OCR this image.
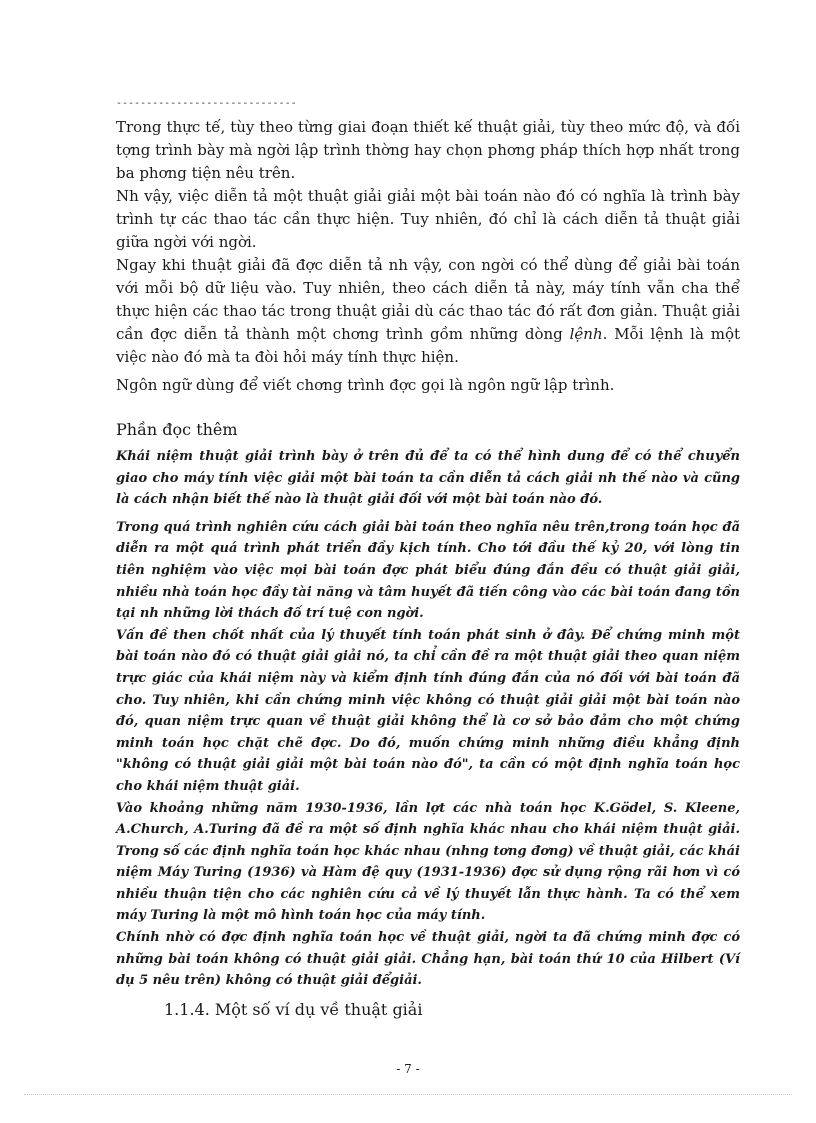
------------------------------

Trong thực tế, tùy theo từng giai đoạn thiết kế thuật giải, tùy theo mức độ, và đối tợng trình bày mà ngời lập trình thờng hay chọn phơng pháp thích hợp nhất trong ba phơng tiện nêu trên.

Nh vậy, việc diễn tả một thuật giải giải một bài toán nào đó có nghĩa là trình bày trình tự các thao tác cần thực hiện. Tuy nhiên, đó chỉ là cách diễn tả thuật giải giữa ngời với ngời.

Ngay khi thuật giải đã đợc diễn tả nh vậy, con ngời có thể dùng để giải bài toán với mỗi bộ dữ liệu vào. Tuy nhiên, theo cách diễn tả này, máy tính vẫn cha thể thực hiện các thao tác trong thuật giải dù các thao tác đó rất đơn giản. Thuật giải cần đợc diễn tả thành một chơng trình gồm những dòng lệnh. Mỗi lệnh là một việc nào đó mà ta đòi hỏi máy tính thực hiện.

Ngôn ngữ dùng để viết chơng trình đợc gọi là ngôn ngữ lập trình.

Phần đọc thêm

Khái niệm thuật giải trình bày ở trên đủ để ta có thể hình dung để có thể chuyển giao cho máy tính việc giải một bài toán ta cần diễn tả cách giải nh thế nào và cũng là cách nhận biết thế nào là thuật giải đối với một bài toán nào đó.

Trong quá trình nghiên cứu cách giải bài toán theo nghĩa nêu trên,trong toán học đã diễn ra một quá trình phát triển đầy kịch tính. Cho tới đầu thế kỷ 20, với lòng tin tiên nghiệm vào việc mọi bài toán đợc phát biểu đúng đắn đều có thuật giải giải, nhiều nhà toán học đầy tài năng và tâm huyết đã tiến công vào các bài toán đang tồn tại nh những lời thách đố trí tuệ con ngời.

Vấn đề then chốt nhất của lý thuyết tính toán phát sinh ở đây. Để chứng minh một bài toán nào đó có thuật giải giải nó, ta chỉ cần đề ra một thuật giải theo quan niệm trực giác của khái niệm này và kiểm định tính đúng đắn của nó đối với bài toán đã cho. Tuy nhiên, khi cần chứng minh việc không có thuật giải giải một bài toán nào đó, quan niệm trực quan về thuật giải không thể là cơ sở bảo đảm cho một chứng minh toán học chặt chẽ đợc. Do đó, muốn chứng minh những điều khẳng định "không có thuật giải giải một bài toán nào đó", ta cần có một định nghĩa toán học cho khái niệm thuật giải.

Vào khoảng những năm 1930-1936, lần lợt các nhà toán học K.Gödel, S. Kleene, A.Church, A.Turing đã đề ra một số định nghĩa khác nhau cho khái niệm thuật giải. Trong số các định nghĩa toán học khác nhau (nhng tơng đơng) về thuật giải, các khái niệm Máy Turing (1936) và Hàm đệ quy (1931-1936) đợc sử dụng rộng rãi hơn vì có nhiều thuận tiện cho các nghiên cứu cả về lý thuyết lẫn thực hành. Ta có thể xem máy Turing là một mô hình toán học của máy tính.

Chính nhờ có đợc định nghĩa toán học về thuật giải, ngời ta đã chứng minh đợc có những bài toán không có thuật giải giải. Chẳng hạn, bài toán thứ 10 của Hilbert (Ví dụ 5 nêu trên) không có thuật giải đểgiải.

1.1.4. Một số ví dụ về thuật giải
- 7 -
